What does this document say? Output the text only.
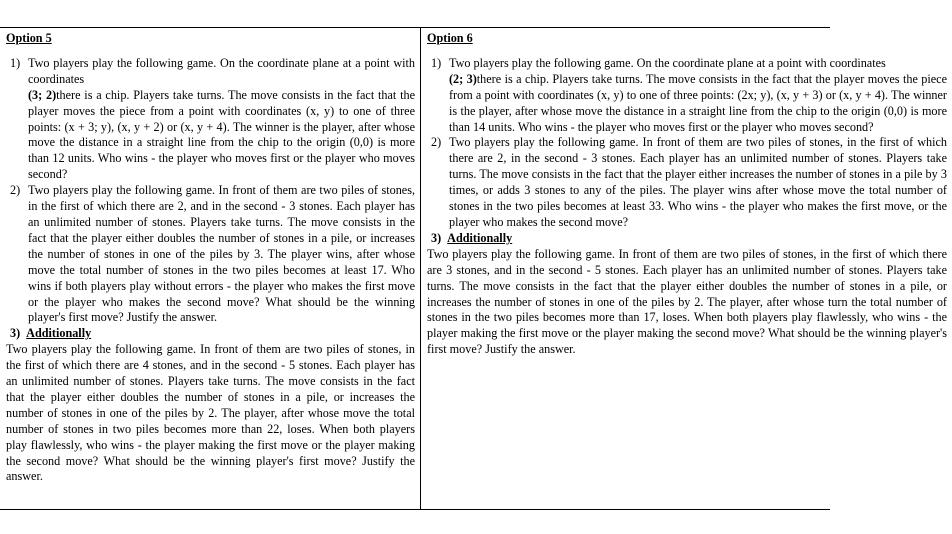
Option 5

1) Two players play the following game. On the coordinate plane at a point with coordinates
(3; 2)there is a chip. Players take turns. The move consists in the fact that the player moves the piece from a point with coordinates (x, y) to one of three points: (x + 3; y), (x, y + 2) or (x, y + 4). The winner is the player, after whose move the distance in a straight line from the chip to the origin (0,0) is more than 12 units. Who wins - the player who moves first or the player who moves second?
2) Two players play the following game. In front of them are two piles of stones, in the first of which there are 2, and in the second - 3 stones. Each player has an unlimited number of stones. Players take turns. The move consists in the fact that the player either doubles the number of stones in a pile, or increases the number of stones in one of the piles by 3. The player wins, after whose move the total number of stones in the two piles becomes at least 17. Who wins if both players play without errors - the player who makes the first move or the player who makes the second move? What should be the winning player's first move? Justify the answer.

3) Additionally

Two players play the following game. In front of them are two piles of stones, in the first of which there are 4 stones, and in the second - 5 stones. Each player has an unlimited number of stones. Players take turns. The move consists in the fact that the player either doubles the number of stones in a pile, or increases the number of stones in one of the piles by 2. The player, after whose move the total number of stones in two piles becomes more than 22, loses. When both players play flawlessly, who wins - the player making the first move or the player making the second move? What should be the winning player's first move? Justify the answer.

Option 6

1) Two players play the following game. On the coordinate plane at a point with coordinates
(2; 3)there is a chip. Players take turns. The move consists in the fact that the player moves the piece from a point with coordinates (x, y) to one of three points: (2x; y), (x, y + 3) or (x, y + 4). The winner is the player, after whose move the distance in a straight line from the chip to the origin (0,0) is more than 14 units. Who wins - the player who moves first or the player who moves second?
2) Two players play the following game. In front of them are two piles of stones, in the first of which there are 2, in the second - 3 stones. Each player has an unlimited number of stones. Players take turns. The move consists in the fact that the player either increases the number of stones in a pile by 3 times, or adds 3 stones to any of the piles. The player wins after whose move the total number of stones in the two piles becomes at least 33. Who wins - the player who makes the first move, or the player who makes the second move?

3) Additionally

Two players play the following game. In front of them are two piles of stones, in the first of which there are 3 stones, and in the second - 5 stones. Each player has an unlimited number of stones. Players take turns. The move consists in the fact that the player either doubles the number of stones in a pile, or increases the number of stones in one of the piles by 2. The player, after whose turn the total number of stones in the two piles becomes more than 17, loses. When both players play flawlessly, who wins - the player making the first move or the player making the second move? What should be the winning player's first move? Justify the answer.
